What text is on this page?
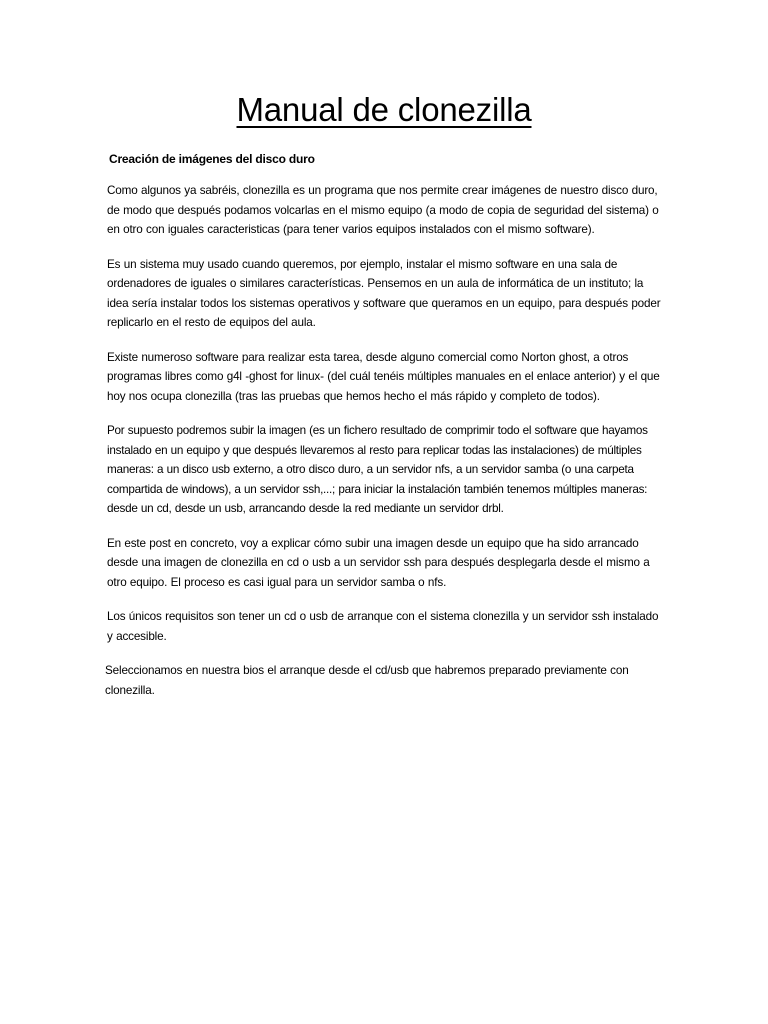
Manual de clonezilla
Creación de imágenes del disco duro

Como algunos ya sabréis, clonezilla es un programa que nos permite crear imágenes de nuestro disco duro, de modo que después podamos volcarlas en el mismo equipo (a modo de copia de seguridad del sistema) o en otro con iguales caracteristicas (para tener varios equipos instalados con el mismo software).

Es un sistema muy usado cuando queremos, por ejemplo, instalar el mismo software en una sala de ordenadores de iguales o similares características. Pensemos en un aula de informática de un instituto; la idea sería instalar todos los sistemas operativos y software que queramos en un equipo, para después poder replicarlo en el resto de equipos del aula.

Existe numeroso software para realizar esta tarea, desde alguno comercial como Norton ghost, a otros programas libres como g4l -ghost for linux- (del cuál tenéis múltiples manuales en el enlace anterior) y el que hoy nos ocupa clonezilla (tras las pruebas que hemos hecho el más rápido y completo de todos).

Por supuesto podremos subir la imagen (es un fichero resultado de comprimir todo el software que hayamos instalado en un equipo y que después llevaremos al resto para replicar todas las instalaciones) de múltiples maneras: a un disco usb externo, a otro disco duro, a un servidor nfs, a un servidor samba (o una carpeta compartida de windows), a un servidor ssh,...; para iniciar la instalación también tenemos múltiples maneras: desde un cd, desde un usb, arrancando desde la red mediante un servidor drbl.

En este post en concreto, voy a explicar cómo subir una imagen desde un equipo que ha sido arrancado desde una imagen de clonezilla en cd o usb a un servidor ssh para después desplegarla desde el mismo a otro equipo. El proceso es casi igual para un servidor samba o nfs.

Los únicos requisitos son tener un cd o usb de arranque con el sistema clonezilla y un servidor ssh instalado y accesible.

Seleccionamos en nuestra bios el arranque desde el cd/usb que habremos preparado previamente con clonezilla.
